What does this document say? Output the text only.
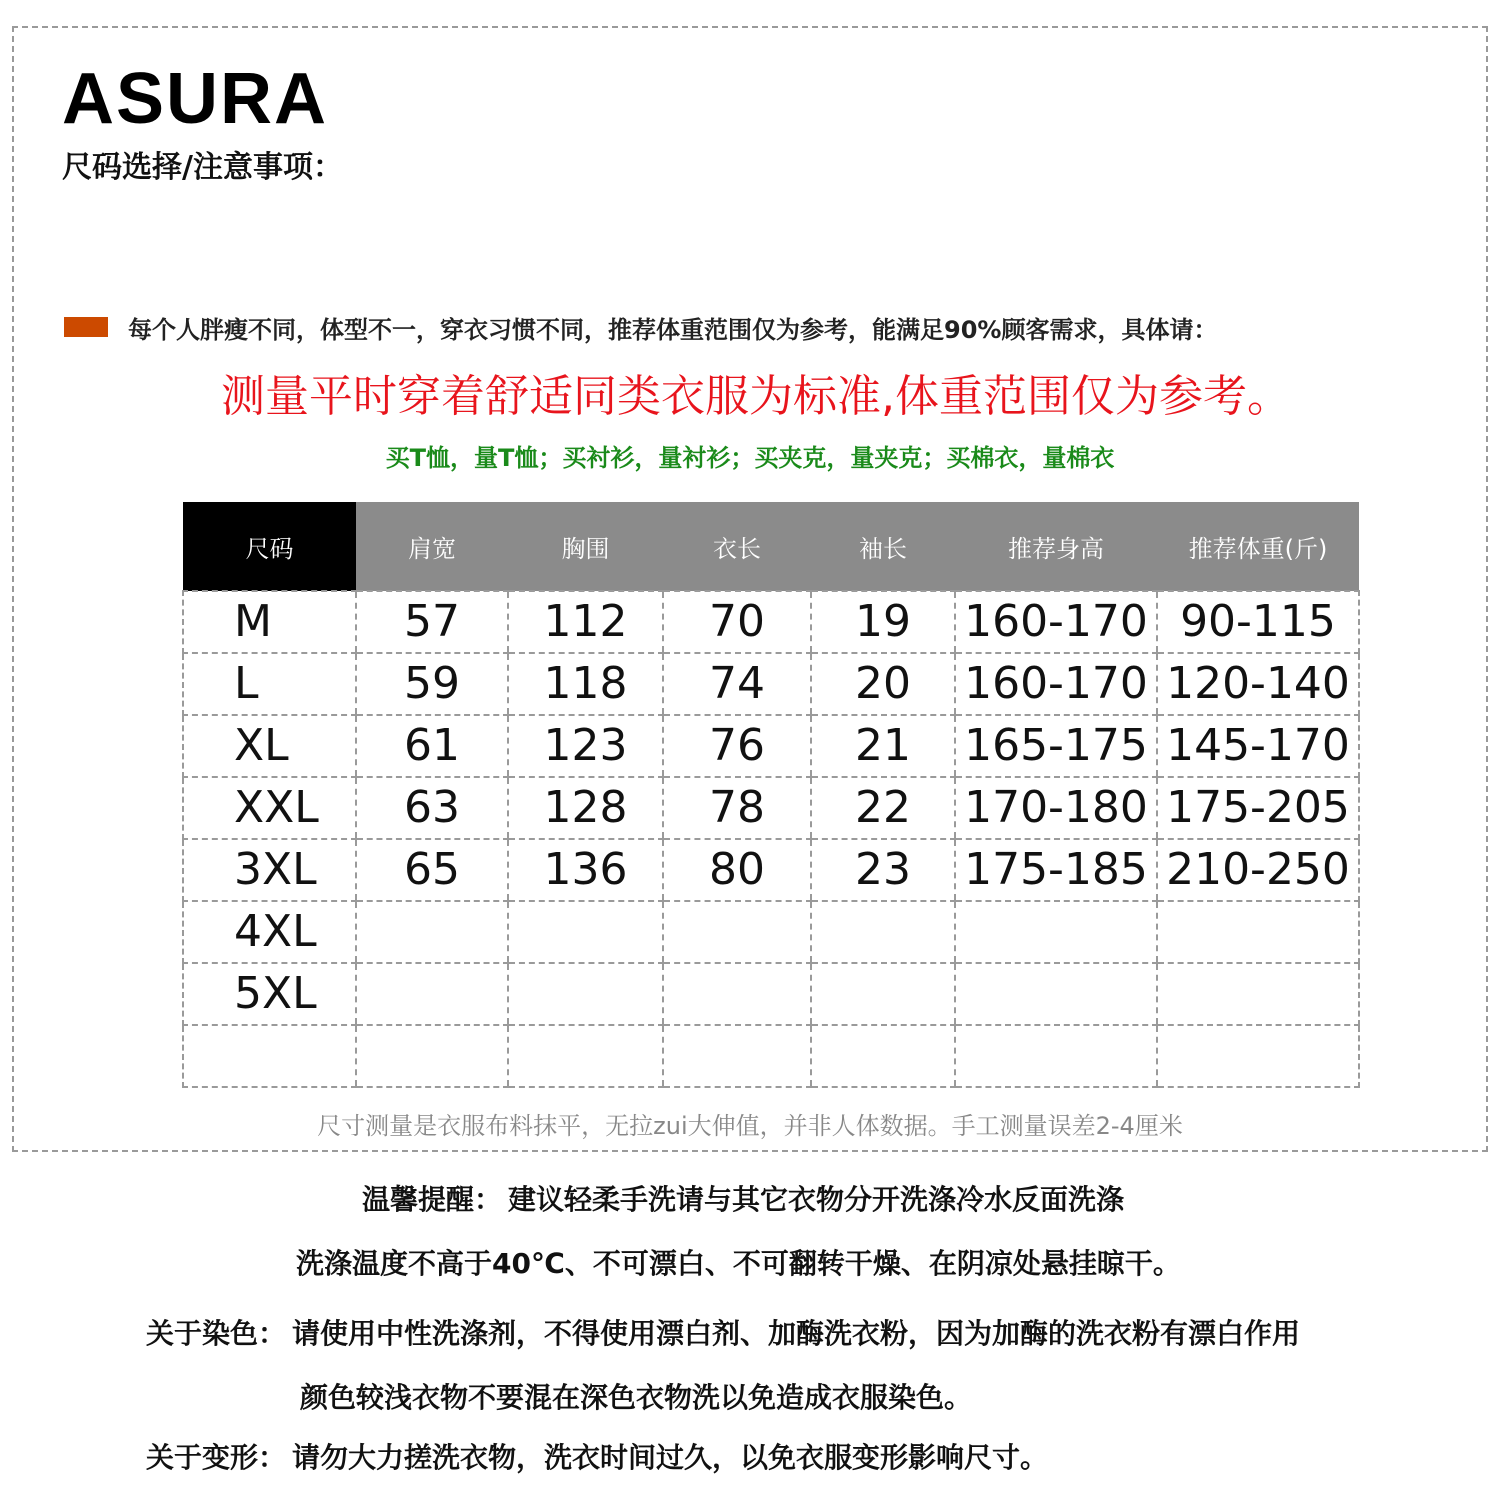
ASURA
尺码选择/注意事项：
每个人胖瘦不同，体型不一，穿衣习惯不同，推荐体重范围仅为参考，能满足90%顾客需求，具体请：
测量平时穿着舒适同类衣服为标准,体重范围仅为参考。
买T恤，量T恤；买衬衫，量衬衫；买夹克，量夹克；买棉衣，量棉衣
尺码	肩宽	胸围	衣长	袖长	推荐身高	推荐体重(斤)
M	57	112	70	19	160-170	90-115
L	59	118	74	20	160-170	120-140
XL	61	123	76	21	165-175	145-170
XXL	63	128	78	22	170-180	175-205
3XL	65	136	80	23	175-185	210-250
4XL						
5XL						

尺寸测量是衣服布料抹平，无拉zui大伸值，并非人体数据。手工测量误差2-4厘米
温馨提醒： 建议轻柔手洗请与其它衣物分开洗涤冷水反面洗涤
洗涤温度不高于40℃、不可漂白、不可翻转干燥、在阴凉处悬挂晾干。
关于染色： 请使用中性洗涤剂，不得使用漂白剂、加酶洗衣粉，因为加酶的洗衣粉有漂白作用
颜色较浅衣物不要混在深色衣物洗以免造成衣服染色。
关于变形： 请勿大力搓洗衣物，洗衣时间过久，以免衣服变形影响尺寸。
